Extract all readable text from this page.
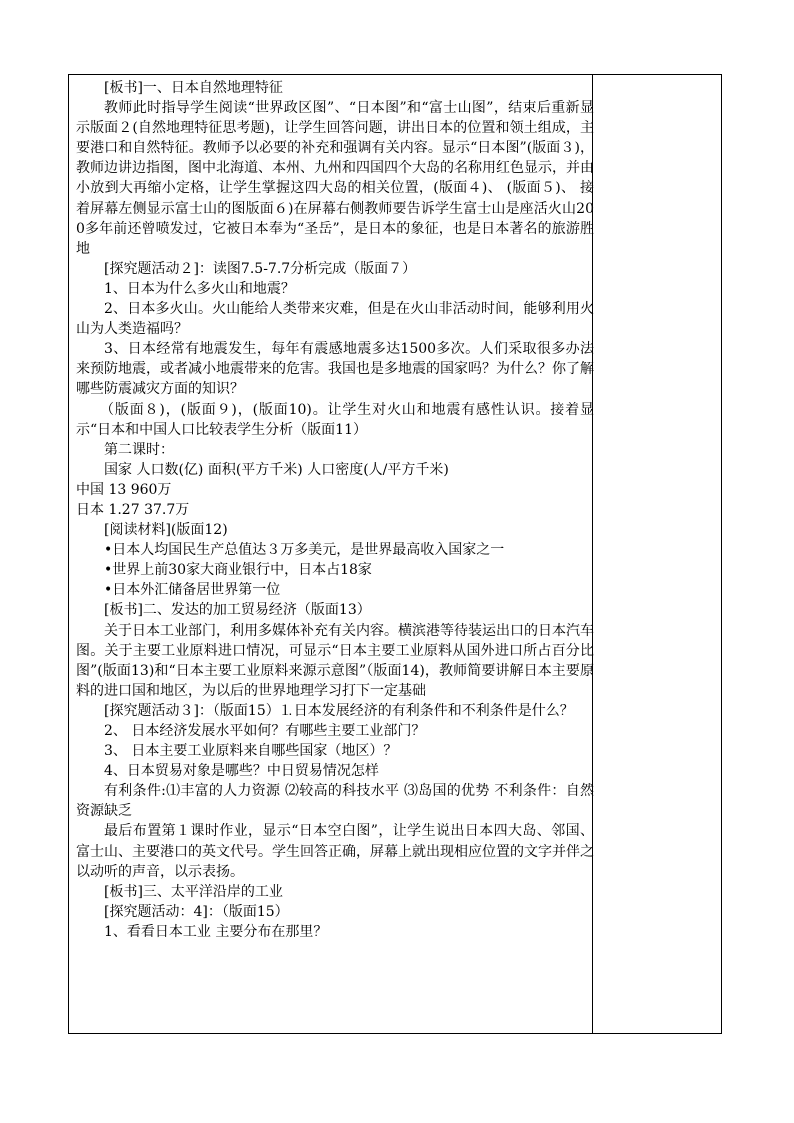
[板书]一、日本自然地理特征

教师此时指导学生阅读“世界政区图”、“日本图”和“富士山图”，结束后重新显示版面２(自然地理特征思考题)，让学生回答问题，讲出日本的位置和领土组成，主要港口和自然特征。教师予以必要的补充和强调有关内容。显示“日本图”(版面３)，教师边讲边指图，图中北海道、本州、九州和四国四个大岛的名称用红色显示，并由小放到大再缩小定格，让学生掌握这四大岛的相关位置，(版面４)、 (版面５)、 接着屏幕左侧显示富士山的图版面６)在屏幕右侧教师要告诉学生富士山是座活火山200多年前还曾喷发过，它被日本奉为“圣岳”，是日本的象征，也是日本著名的旅游胜地

[探究题活动２]：读图7.5-7.7分析完成（版面７）

1、日本为什么多火山和地震？

2、日本多火山。火山能给人类带来灾难，但是在火山非活动时间，能够利用火山为人类造福吗？

3、日本经常有地震发生，每年有震感地震多达1500多次。人们采取很多办法来预防地震，或者减小地震带来的危害。我国也是多地震的国家吗？为什么？你了解哪些防震减灾方面的知识？

（版面８)，(版面９)，(版面10)。让学生对火山和地震有感性认识。接着显示“日本和中国人口比较表学生分析（版面11）

第二课时：

国家 人口数(亿) 面积(平方千米) 人口密度(人/平方千米)

中国 13 960万

日本 1.27 37.7万

[阅读材料](版面12)

•日本人均国民生产总值达３万多美元，是世界最高收入国家之一

•世界上前30家大商业银行中，日本占18家

•日本外汇储备居世界第一位

[板书]二、发达的加工贸易经济（版面13）

关于日本工业部门，利用多媒体补充有关内容。横滨港等待装运出口的日本汽车图。关于主要工业原料进口情况，可显示“日本主要工业原料从国外进口所占百分比图”(版面13)和“日本主要工业原料来源示意图”（版面14)，教师简要讲解日本主要原料的进口国和地区，为以后的世界地理学习打下一定基础

[探究题活动３]：（版面15）⒈日本发展经济的有利条件和不利条件是什么？

2、 日本经济发展水平如何？有哪些主要工业部门？

3、 日本主要工业原料来自哪些国家（地区）？

4、日本贸易对象是哪些？中日贸易情况怎样

有利条件:⑴丰富的人力资源 ⑵较高的科技水平 ⑶岛国的优势 不利条件：自然资源缺乏

最后布置第１课时作业，显示“日本空白图”，让学生说出日本四大岛、邻国、富士山、主要港口的英文代号。学生回答正确，屏幕上就出现相应位置的文字并伴之以动听的声音，以示表扬。

[板书]三、太平洋沿岸的工业

[探究题活动：4]：（版面15）

1、看看日本工业 主要分布在那里？
